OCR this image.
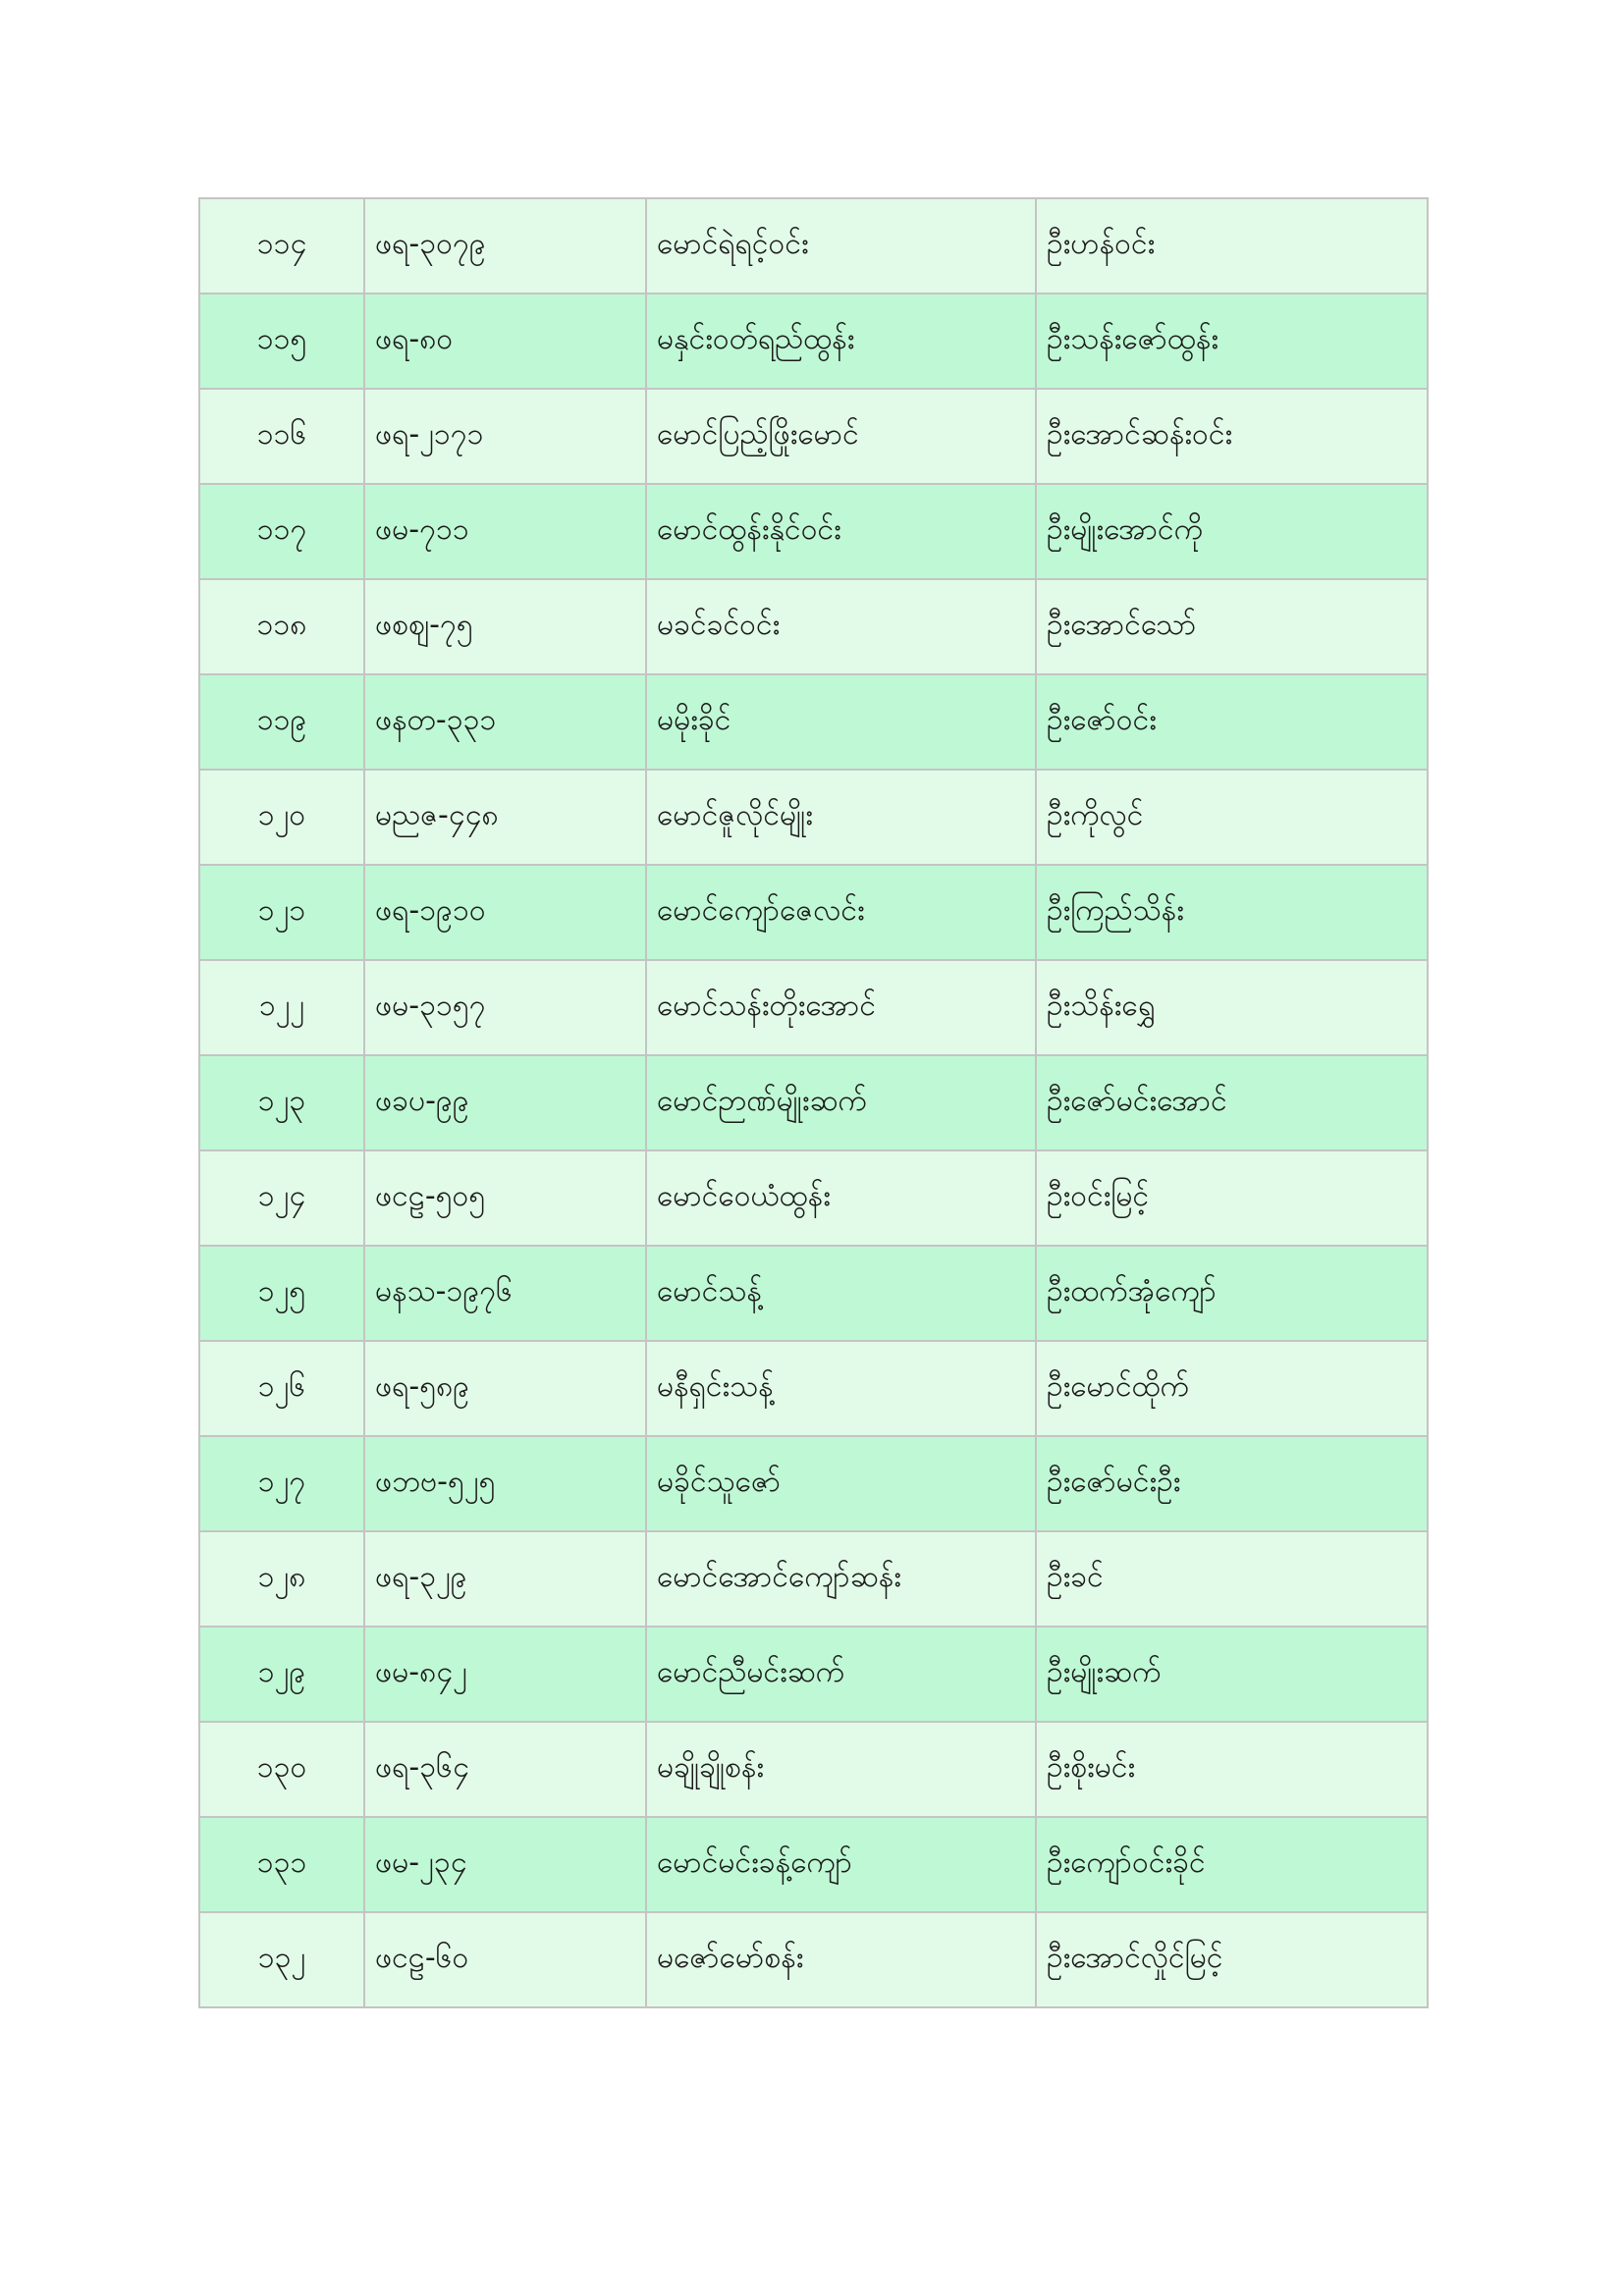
၁၁၄	ဖရ-၃၀၇၉	မောင်ရဲရင့်ဝင်း	ဦးဟန်ဝင်း
၁၁၅	ဖရ-၈၀	မနှင်းဝတ်ရည်ထွန်း	ဦးသန်းဇော်ထွန်း
၁၁၆	ဖရ-၂၁၇၁	မောင်ပြည့်ဖြိုးမောင်	ဦးအောင်ဆန်းဝင်း
၁၁၇	ဖမ-၇၁၁	မောင်ထွန်းနိုင်ဝင်း	ဦးမျိုးအောင်ကို
၁၁၈	ဖစဈ-၇၅	မခင်ခင်ဝင်း	ဦးအောင်သော်
၁၁၉	ဖနတ-၃၃၁	မမိုးခိုင်	ဦးဇော်ဝင်း
၁၂၀	မညဇ-၄၄၈	မောင်ဇူလိုင်မျိုး	ဦးကိုလွင်
၁၂၁	ဖရ-၁၉၁၀	မောင်ကျော်ဇေလင်း	ဦးကြည်သိန်း
၁၂၂	ဖမ-၃၁၅၇	မောင်သန်းတိုးအောင်	ဦးသိန်းရွှေ
၁၂၃	ဖခပ-၉၉	မောင်ဉာဏ်မျိုးဆက်	ဦးဇော်မင်းအောင်
၁၂၄	ဖငဠ-၅၀၅	မောင်ဝေယံထွန်း	ဦးဝင်းမြင့်
၁၂၅	မနသ-၁၉၇၆	မောင်သန့်	ဦးထက်အုံကျော်
၁၂၆	ဖရ-၅၈၉	မနီရှင်းသန့်	ဦးမောင်ထိုက်
၁၂၇	ဖဘဗ-၅၂၅	မခိုင်သူဇော်	ဦးဇော်မင်းဦး
၁၂၈	ဖရ-၃၂၉	မောင်အောင်ကျော်ဆန်း	ဦးခင်
၁၂၉	ဖမ-၈၄၂	မောင်ညီမင်းဆက်	ဦးမျိုးဆက်
၁၃၀	ဖရ-၃၆၄	မချိုချိုစန်း	ဦးစိုးမင်း
၁၃၁	ဖမ-၂၃၄	မောင်မင်းခန့်ကျော်	ဦးကျော်ဝင်းခိုင်
၁၃၂	ဖငဠ-၆၀	မဇော်မော်စန်း	ဦးအောင်လှိုင်မြင့်
